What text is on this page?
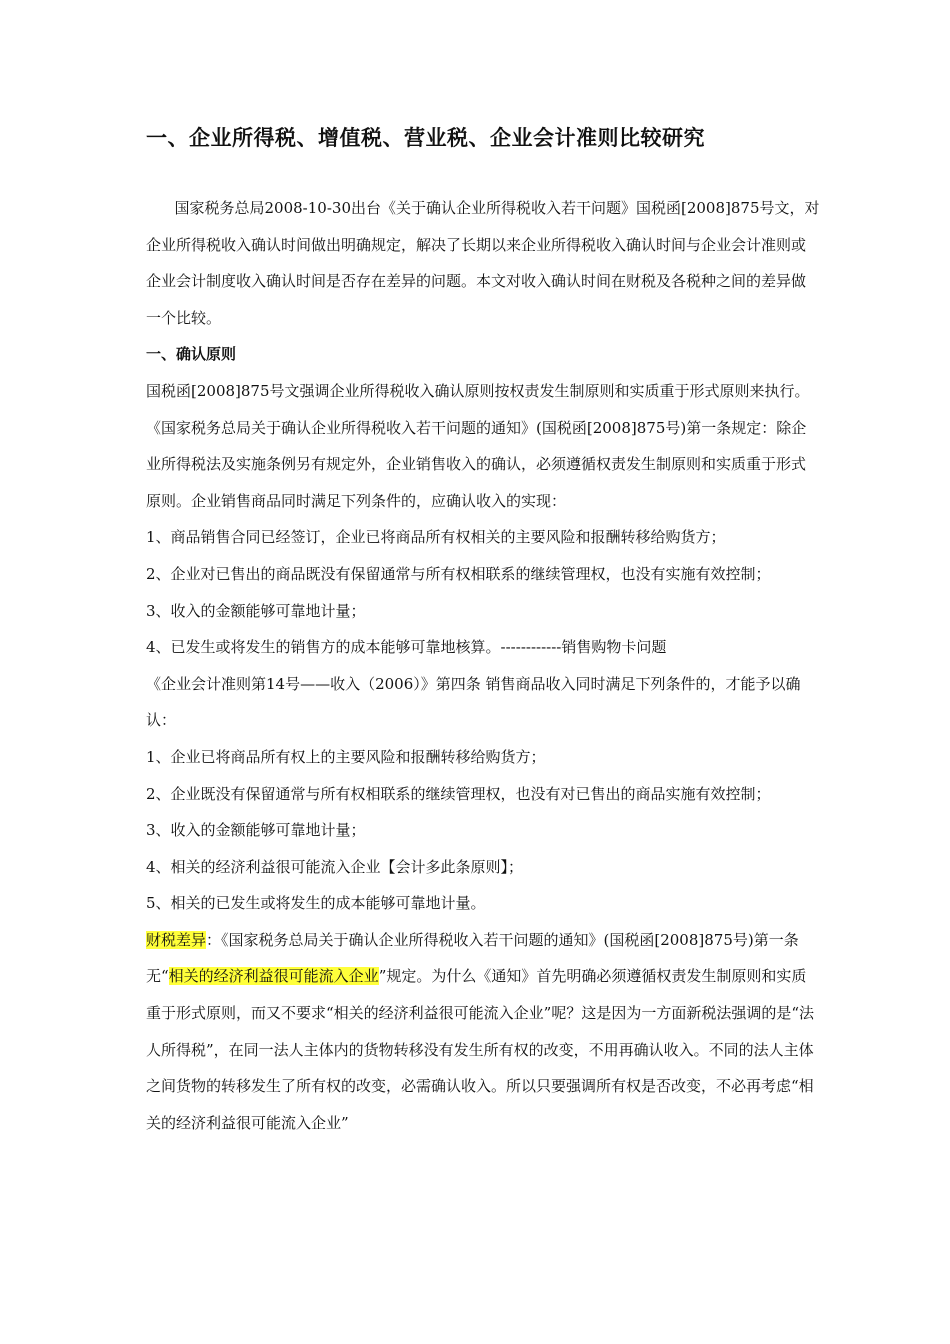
一、企业所得税、增值税、营业税、企业会计准则比较研究

国家税务总局2008-10-30出台《关于确认企业所得税收入若干问题》国税函[2008]875号文，对企业所得税收入确认时间做出明确规定，解决了长期以来企业所得税收入确认时间与企业会计准则或企业会计制度收入确认时间是否存在差异的问题。本文对收入确认时间在财税及各税种之间的差异做一个比较。

一、确认原则

国税函[2008]875号文强调企业所得税收入确认原则按权责发生制原则和实质重于形式原则来执行。《国家税务总局关于确认企业所得税收入若干问题的通知》(国税函[2008]875号)第一条规定：除企业所得税法及实施条例另有规定外，企业销售收入的确认，必须遵循权责发生制原则和实质重于形式原则。企业销售商品同时满足下列条件的，应确认收入的实现：

1、商品销售合同已经签订，企业已将商品所有权相关的主要风险和报酬转移给购货方；

2、企业对已售出的商品既没有保留通常与所有权相联系的继续管理权，也没有实施有效控制；

3、收入的金额能够可靠地计量；

4、已发生或将发生的销售方的成本能够可靠地核算。------------销售购物卡问题

《企业会计准则第14号——收入（2006）》第四条 销售商品收入同时满足下列条件的，才能予以确认：

1、企业已将商品所有权上的主要风险和报酬转移给购货方；

2、企业既没有保留通常与所有权相联系的继续管理权，也没有对已售出的商品实施有效控制；

3、收入的金额能够可靠地计量；

4、相关的经济利益很可能流入企业【会计多此条原则】；

5、相关的已发生或将发生的成本能够可靠地计量。

财税差异：《国家税务总局关于确认企业所得税收入若干问题的通知》(国税函[2008]875号)第一条无“相关的经济利益很可能流入企业”规定。为什么《通知》首先明确必须遵循权责发生制原则和实质重于形式原则，而又不要求“相关的经济利益很可能流入企业”呢？这是因为一方面新税法强调的是“法人所得税”，在同一法人主体内的货物转移没有发生所有权的改变，不用再确认收入。不同的法人主体之间货物的转移发生了所有权的改变，必需确认收入。所以只要强调所有权是否改变，不必再考虑“相关的经济利益很可能流入企业”
